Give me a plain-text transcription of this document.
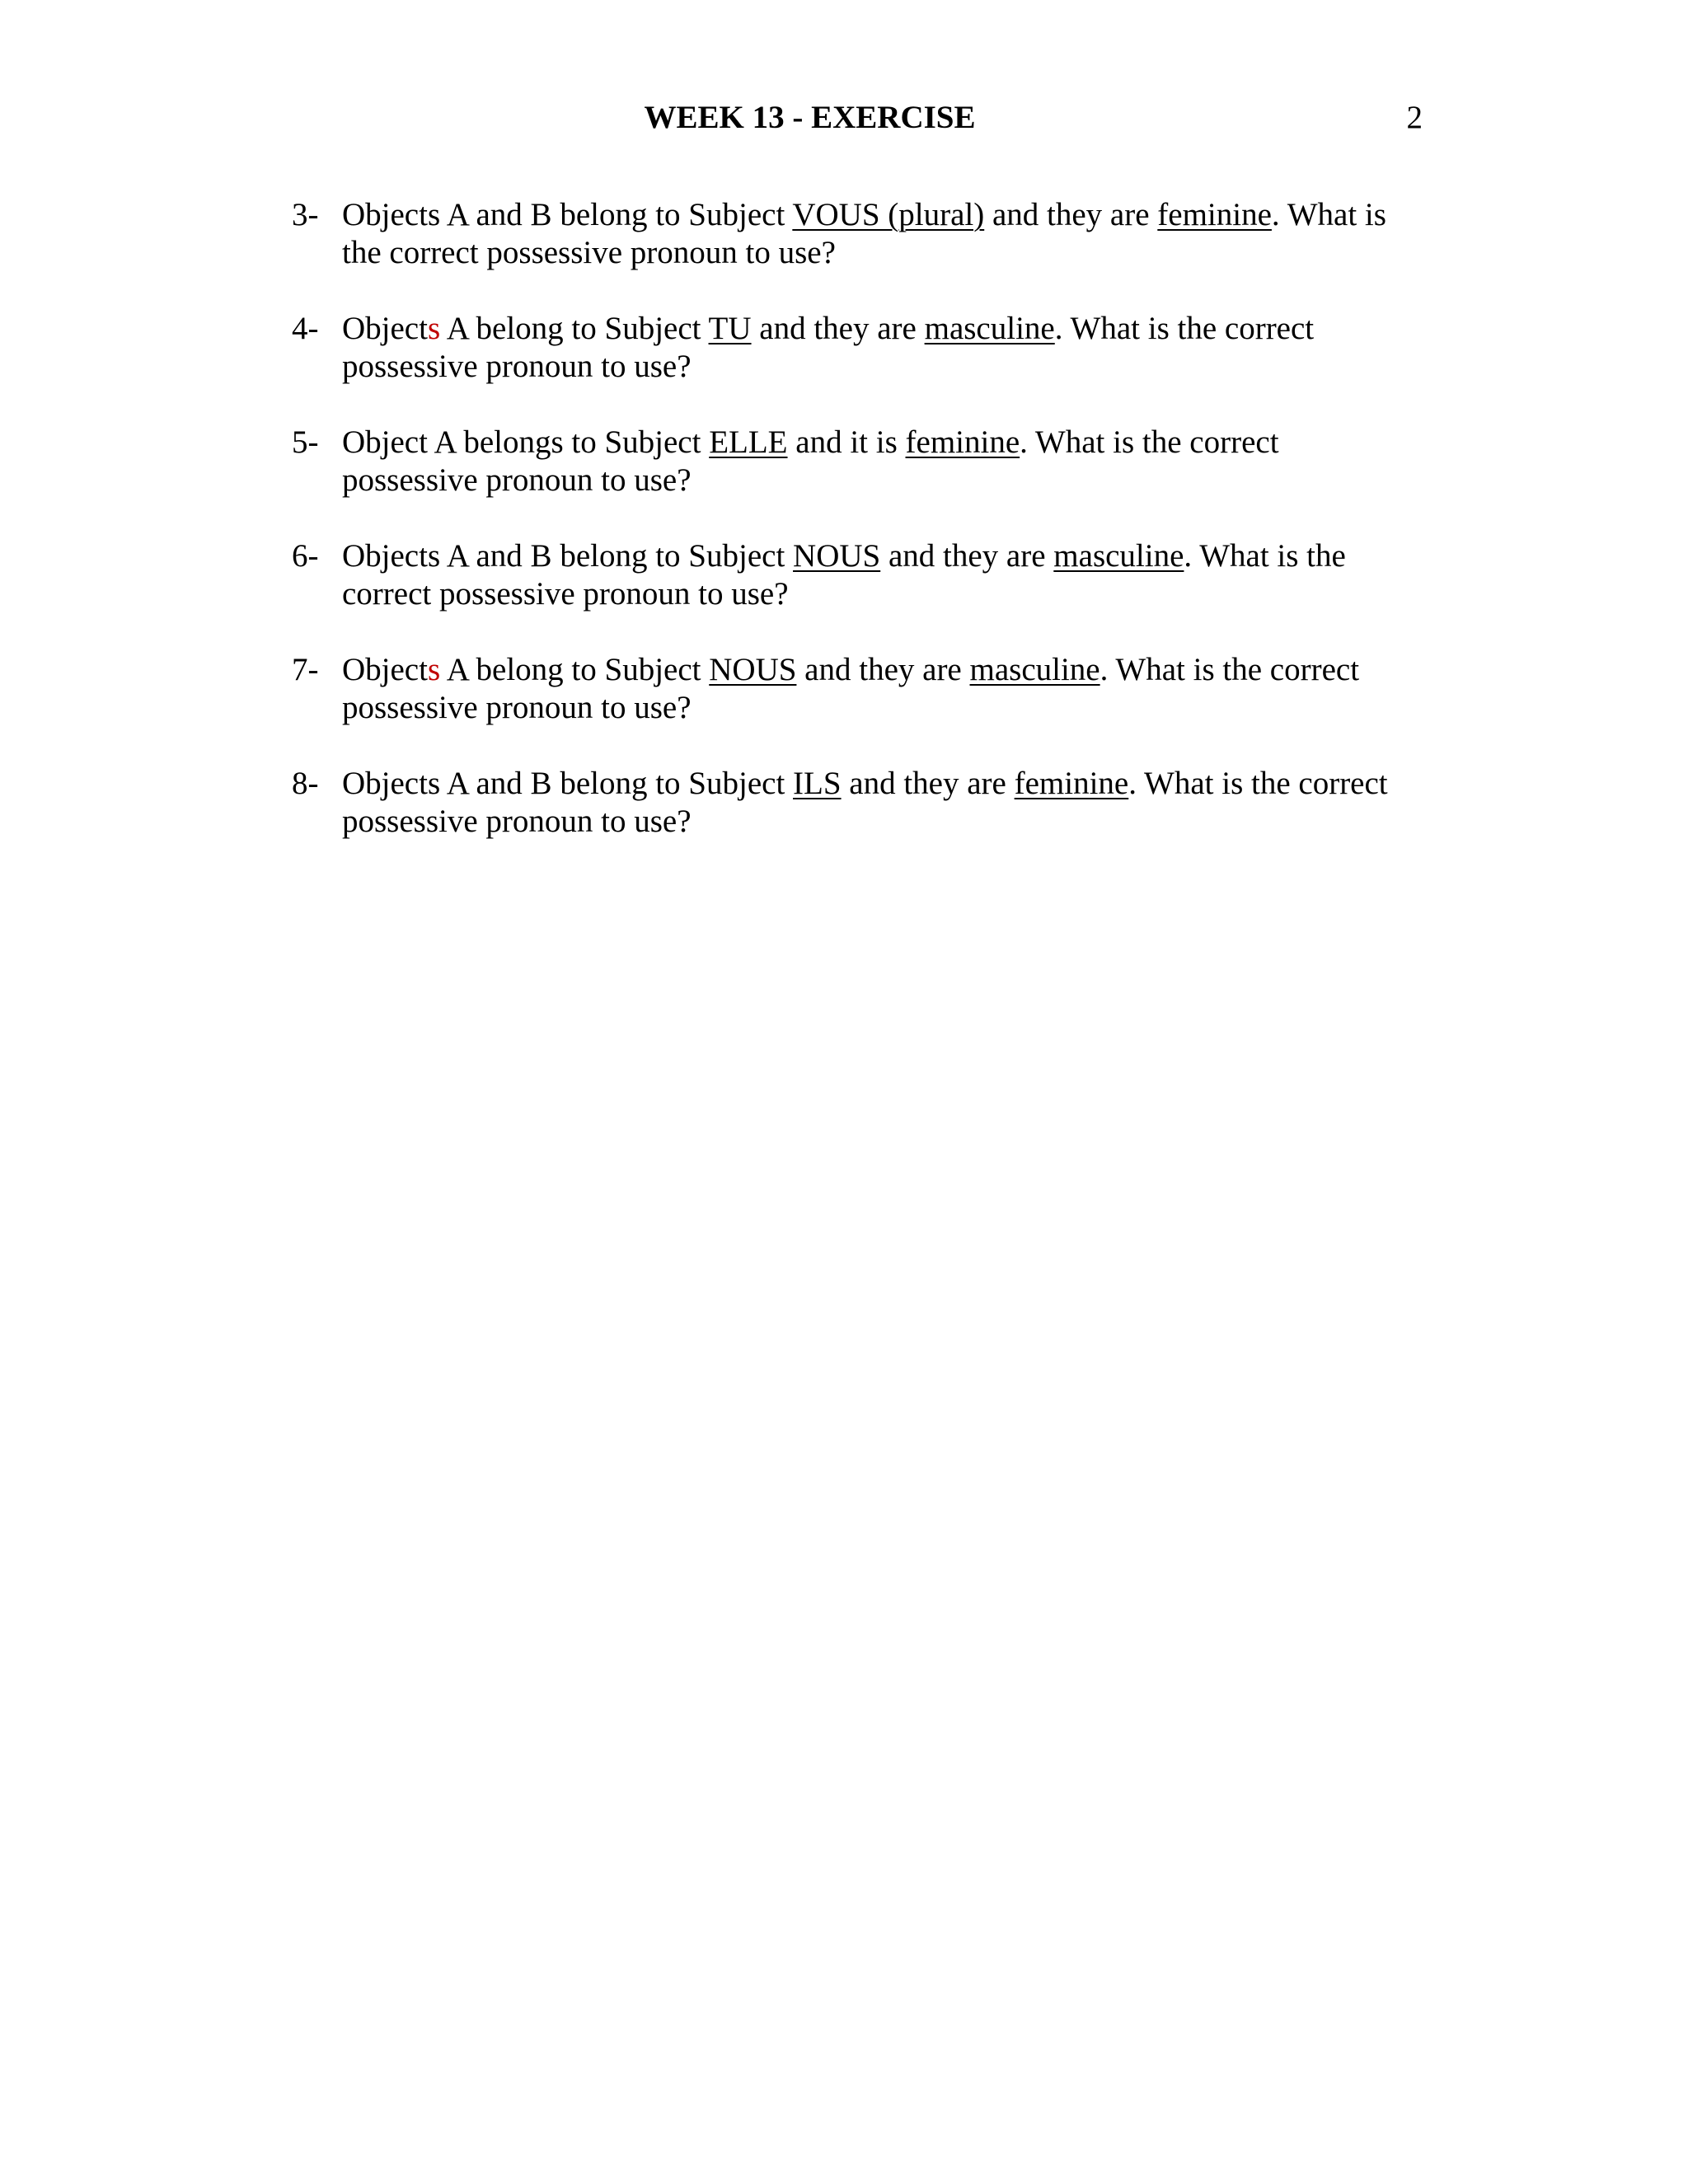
WEEK 13 - EXERCISE	2
3- Objects A and B belong to Subject VOUS (plural) and they are feminine. What is the correct possessive pronoun to use?
4- Objects A belong to Subject TU and they are masculine. What is the correct possessive pronoun to use?
5- Object A belongs to Subject ELLE and it is feminine. What is the correct possessive pronoun to use?
6- Objects A and B belong to Subject NOUS and they are masculine. What is the correct possessive pronoun to use?
7- Objects A belong to Subject NOUS and they are masculine. What is the correct possessive pronoun to use?
8- Objects A and B belong to Subject ILS and they are feminine. What is the correct possessive pronoun to use?
